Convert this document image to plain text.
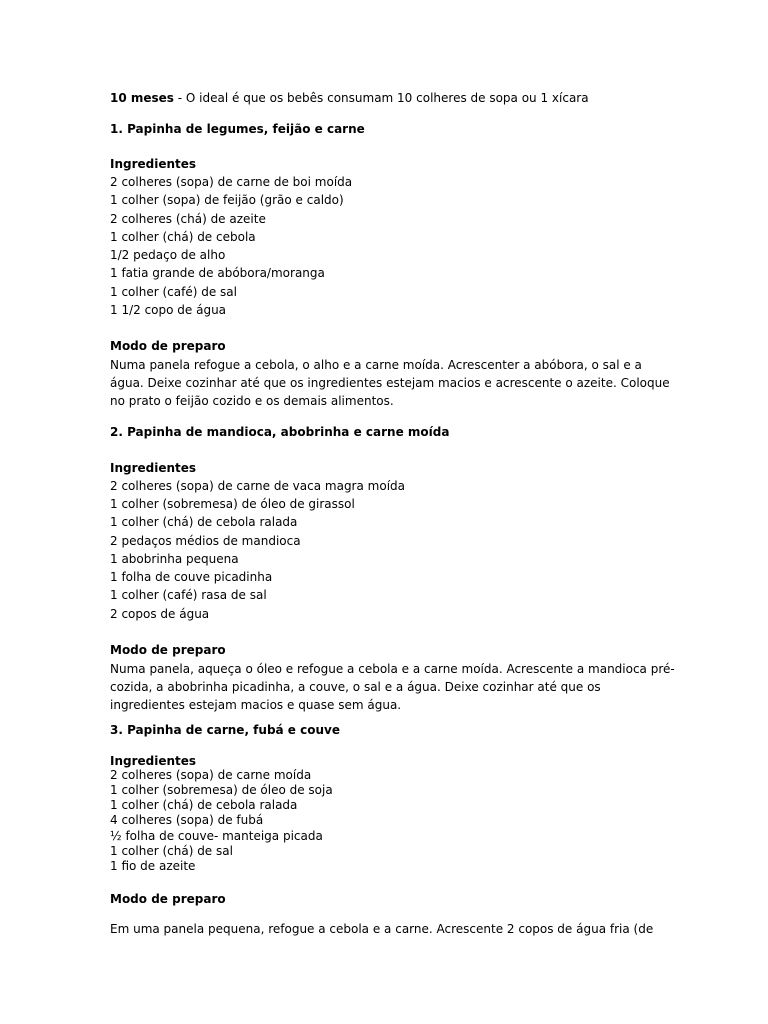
10 meses - O ideal é que os bebês consumam 10 colheres de sopa ou 1 xícara
1. Papinha de legumes, feijão e carne
Ingredientes
2 colheres (sopa) de carne de boi moída
1 colher (sopa) de feijão (grão e caldo)
2 colheres (chá) de azeite
1 colher (chá) de cebola
1/2 pedaço de alho
1 fatia grande de abóbora/moranga
1 colher (café) de sal
1 1/2 copo de água
Modo de preparo
Numa panela refogue a cebola, o alho e a carne moída. Acrescenter a abóbora, o sal e a
água. Deixe cozinhar até que os ingredientes estejam macios e acrescente o azeite. Coloque
no prato o feijão cozido e os demais alimentos.
2. Papinha de mandioca, abobrinha e carne moída
Ingredientes
2 colheres (sopa) de carne de vaca magra moída
1 colher (sobremesa) de óleo de girassol
1 colher (chá) de cebola ralada
2 pedaços médios de mandioca
1 abobrinha pequena
1 folha de couve picadinha
1 colher (café) rasa de sal
2 copos de água
Modo de preparo
Numa panela, aqueça o óleo e refogue a cebola e a carne moída. Acrescente a mandioca pré-
cozida, a abobrinha picadinha, a couve, o sal e a água. Deixe cozinhar até que os
ingredientes estejam macios e quase sem água.
3. Papinha de carne, fubá e couve
Ingredientes
2 colheres (sopa) de carne moída
1 colher (sobremesa) de óleo de soja
1 colher (chá) de cebola ralada
4 colheres (sopa) de fubá
½ folha de couve- manteiga picada
1 colher (chá) de sal
1 fio de azeite
Modo de preparo
Em uma panela pequena, refogue a cebola e a carne. Acrescente 2 copos de água fria (de
